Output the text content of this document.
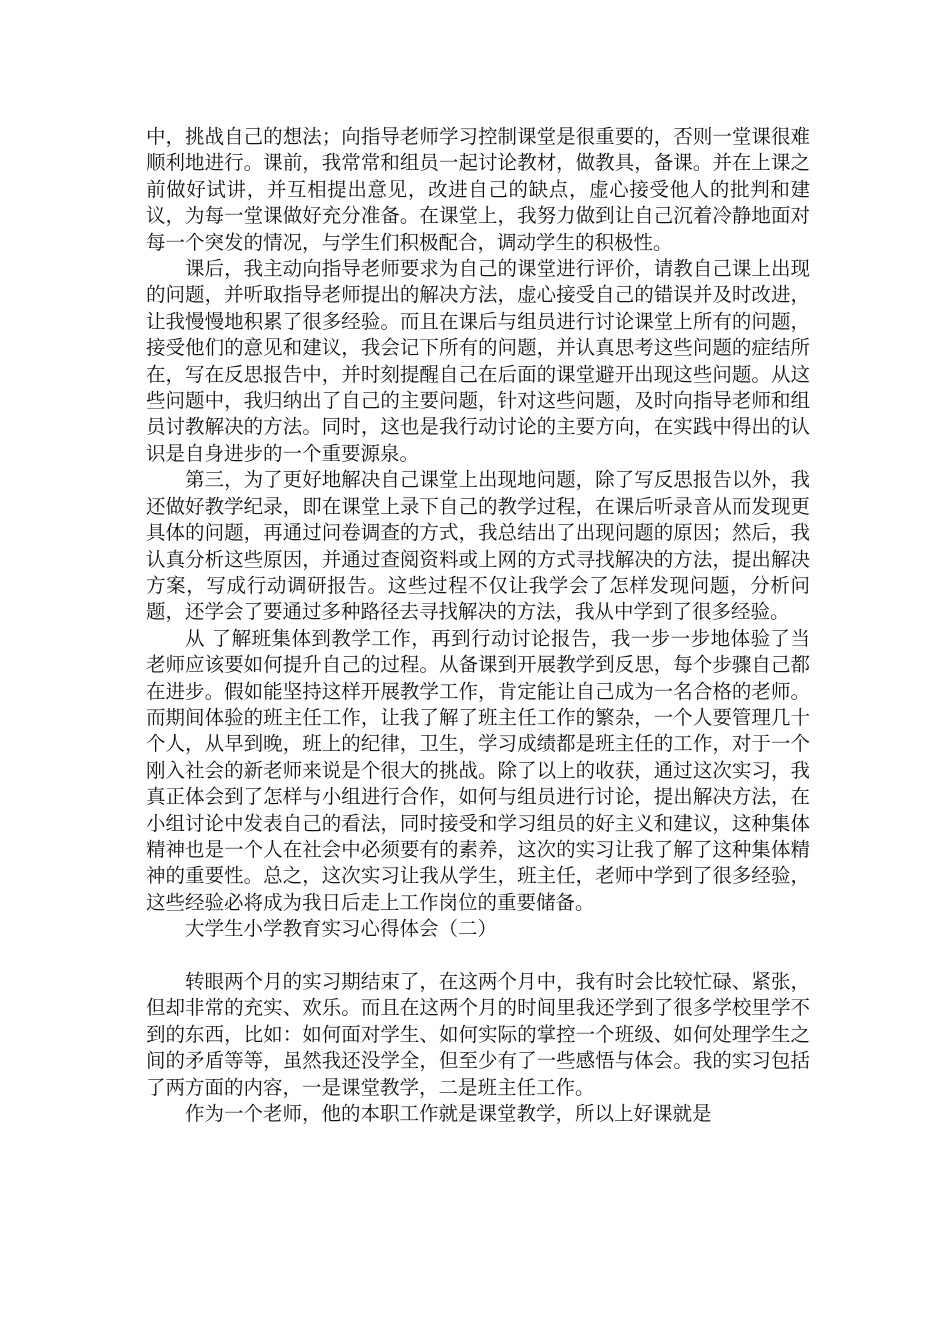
中，挑战自己的想法；向指导老师学习控制课堂是很重要的，否则一堂课很难顺利地进行。课前，我常常和组员一起讨论教材，做教具，备课。并在上课之前做好试讲，并互相提出意见，改进自己的缺点，虚心接受他人的批判和建议，为每一堂课做好充分准备。在课堂上，我努力做到让自己沉着冷静地面对每一个突发的情况，与学生们积极配合，调动学生的积极性。

课后，我主动向指导老师要求为自己的课堂进行评价，请教自己课上出现的问题，并听取指导老师提出的解决方法，虚心接受自己的错误并及时改进，让我慢慢地积累了很多经验。而且在课后与组员进行讨论课堂上所有的问题，接受他们的意见和建议，我会记下所有的问题，并认真思考这些问题的症结所在，写在反思报告中，并时刻提醒自己在后面的课堂避开出现这些问题。从这些问题中，我归纳出了自己的主要问题，针对这些问题，及时向指导老师和组员讨教解决的方法。同时，这也是我行动讨论的主要方向，在实践中得出的认识是自身进步的一个重要源泉。

第三，为了更好地解决自己课堂上出现地问题，除了写反思报告以外，我还做好教学纪录，即在课堂上录下自己的教学过程，在课后听录音从而发现更具体的问题，再通过问卷调查的方式，我总结出了出现问题的原因；然后，我认真分析这些原因，并通过查阅资料或上网的方式寻找解决的方法，提出解决方案，写成行动调研报告。这些过程不仅让我学会了怎样发现问题，分析问题，还学会了要通过多种路径去寻找解决的方法，我从中学到了很多经验。

从 了解班集体到教学工作，再到行动讨论报告，我一步一步地体验了当老师应该要如何提升自己的过程。从备课到开展教学到反思，每个步骤自己都在进步。假如能坚持这样开展教学工作，肯定能让自己成为一名合格的老师。而期间体验的班主任工作，让我了解了班主任工作的繁杂，一个人要管理几十个人，从早到晚，班上的纪律，卫生，学习成绩都是班主任的工作，对于一个刚入社会的新老师来说是个很大的挑战。除了以上的收获，通过这次实习，我真正体会到了怎样与小组进行合作，如何与组员进行讨论，提出解决方法，在小组讨论中发表自己的看法，同时接受和学习组员的好主义和建议，这种集体精神也是一个人在社会中必须要有的素养，这次的实习让我了解了这种集体精神的重要性。总之，这次实习让我从学生，班主任，老师中学到了很多经验，这些经验必将成为我日后走上工作岗位的重要储备。

大学生小学教育实习心得体会（二）

转眼两个月的实习期结束了，在这两个月中，我有时会比较忙碌、紧张，但却非常的充实、欢乐。而且在这两个月的时间里我还学到了很多学校里学不到的东西，比如：如何面对学生、如何实际的掌控一个班级、如何处理学生之间的矛盾等等，虽然我还没学全，但至少有了一些感悟与体会。我的实习包括了两方面的内容，一是课堂教学，二是班主任工作。

作为一个老师，他的本职工作就是课堂教学，所以上好课就是
